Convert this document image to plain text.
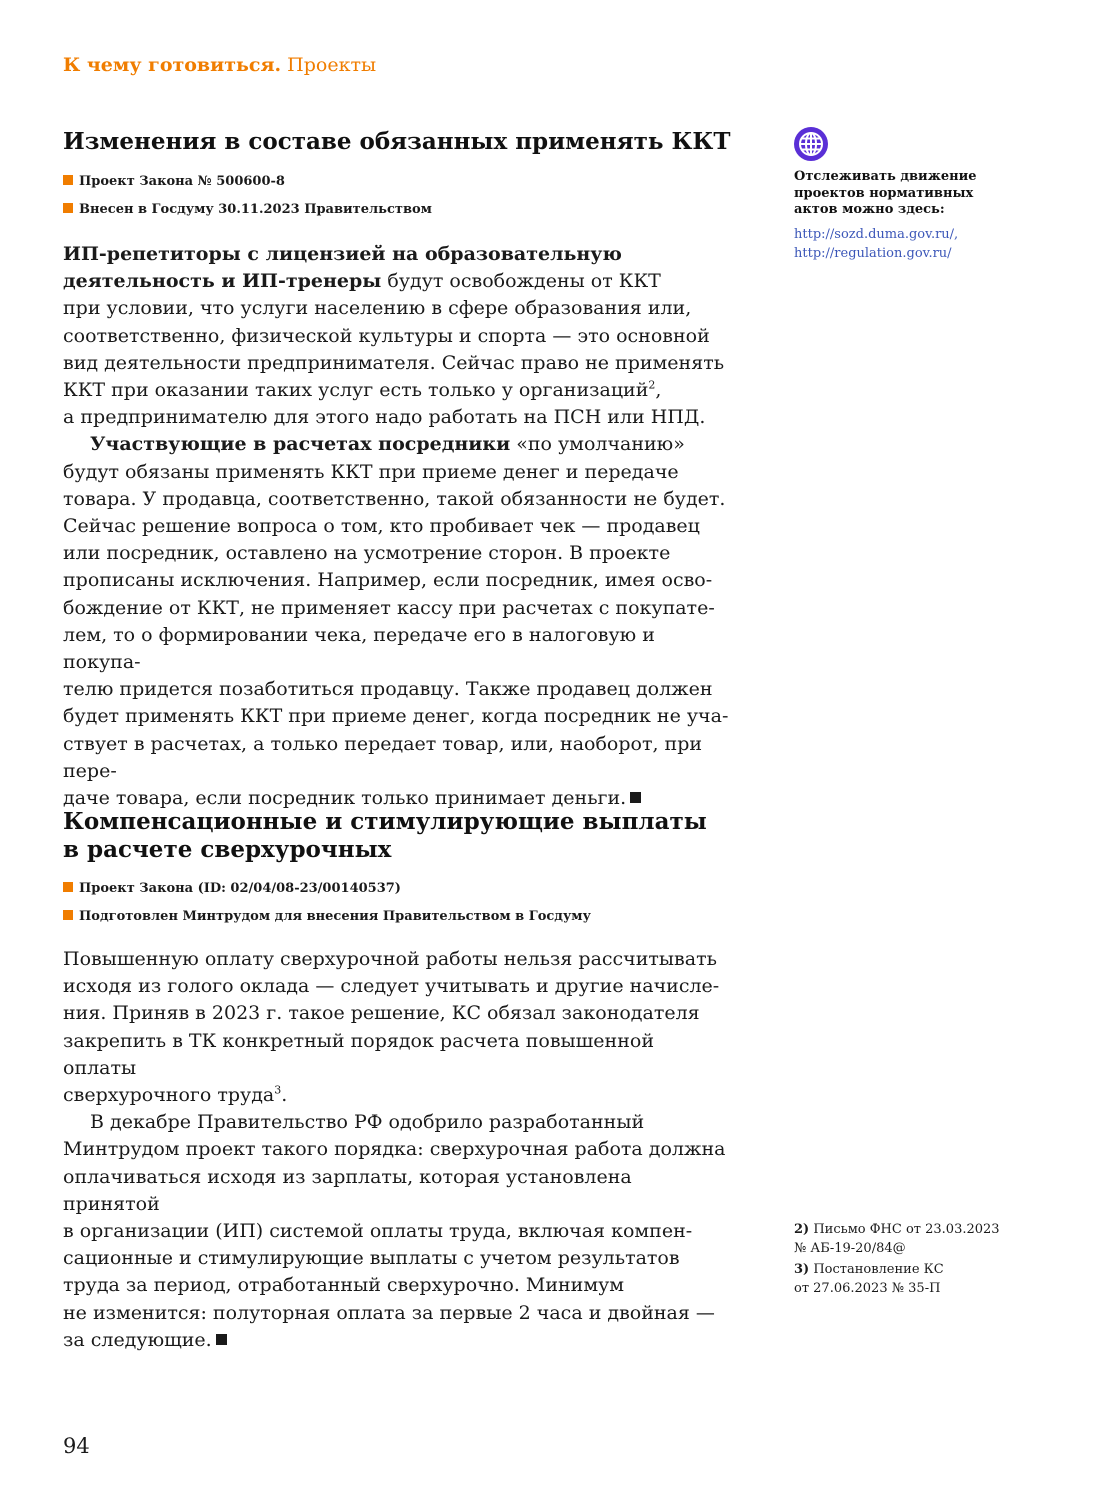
К чему готовиться. Проекты
Изменения в составе обязанных применять ККТ
Проект Закона № 500600-8
Внесен в Госдуму 30.11.2023 Правительством

ИП-репетиторы с лицензией на образовательную деятельность и ИП-тренеры будут освобождены от ККТ
при условии, что услуги населению в сфере образования или,
соответственно, физической культуры и спорта — это основной
вид деятельности предпринимателя. Сейчас право не применять
ККТ при оказании таких услуг есть только у организаций$^2$,
а предпринимателю для этого надо работать на ПСН или НПД.

Участвующие в расчетах посредники «по умолчанию»
будут обязаны применять ККТ при приеме денег и передаче
товара. У продавца, соответственно, такой обязанности не будет.
Сейчас решение вопроса о том, кто пробивает чек — продавец
или посредник, оставлено на усмотрение сторон. В проекте
прописаны исключения. Например, если посредник, имея осво-
бождение от ККТ, не применяет кассу при расчетах с покупате-
лем, то о формировании чека, передаче его в налоговую и покупа-
телю придется позаботиться продавцу. Также продавец должен
будет применять ККТ при приеме денег, когда посредник не уча-
ствует в расчетах, а только передает товар, или, наоборот, при пере-
даче товара, если посредник только принимает деньги.

Компенсационные и стимулирующие выплаты
в расчете сверхурочных
Проект Закона (ID: 02/04/08-23/00140537)
Подготовлен Минтрудом для внесения Правительством в Госдуму

Повышенную оплату сверхурочной работы нельзя рассчитывать
исходя из голого оклада — следует учитывать и другие начисле-
ния. Приняв в 2023 г. такое решение, КС обязал законодателя
закрепить в ТК конкретный порядок расчета повышенной оплаты
сверхурочного труда$^3$.

В декабре Правительство РФ одобрило разработанный
Минтрудом проект такого порядка: сверхурочная работа должна
оплачиваться исходя из зарплаты, которая установлена принятой
в организации (ИП) системой оплаты труда, включая компен-
сационные и стимулирующие выплаты с учетом результатов
труда за период, отработанный сверхурочно. Минимум
не изменится: полуторная оплата за первые 2 часа и двойная —
за следующие.

Отслеживать движение
проектов нормативных
актов можно здесь:
http://sozd.duma.gov.ru/,
http://regulation.gov.ru/
2) Письмо ФНС от 23.03.2023
№ АБ-19-20/84@
3) Постановление КС
от 27.06.2023 № 35-П
94
